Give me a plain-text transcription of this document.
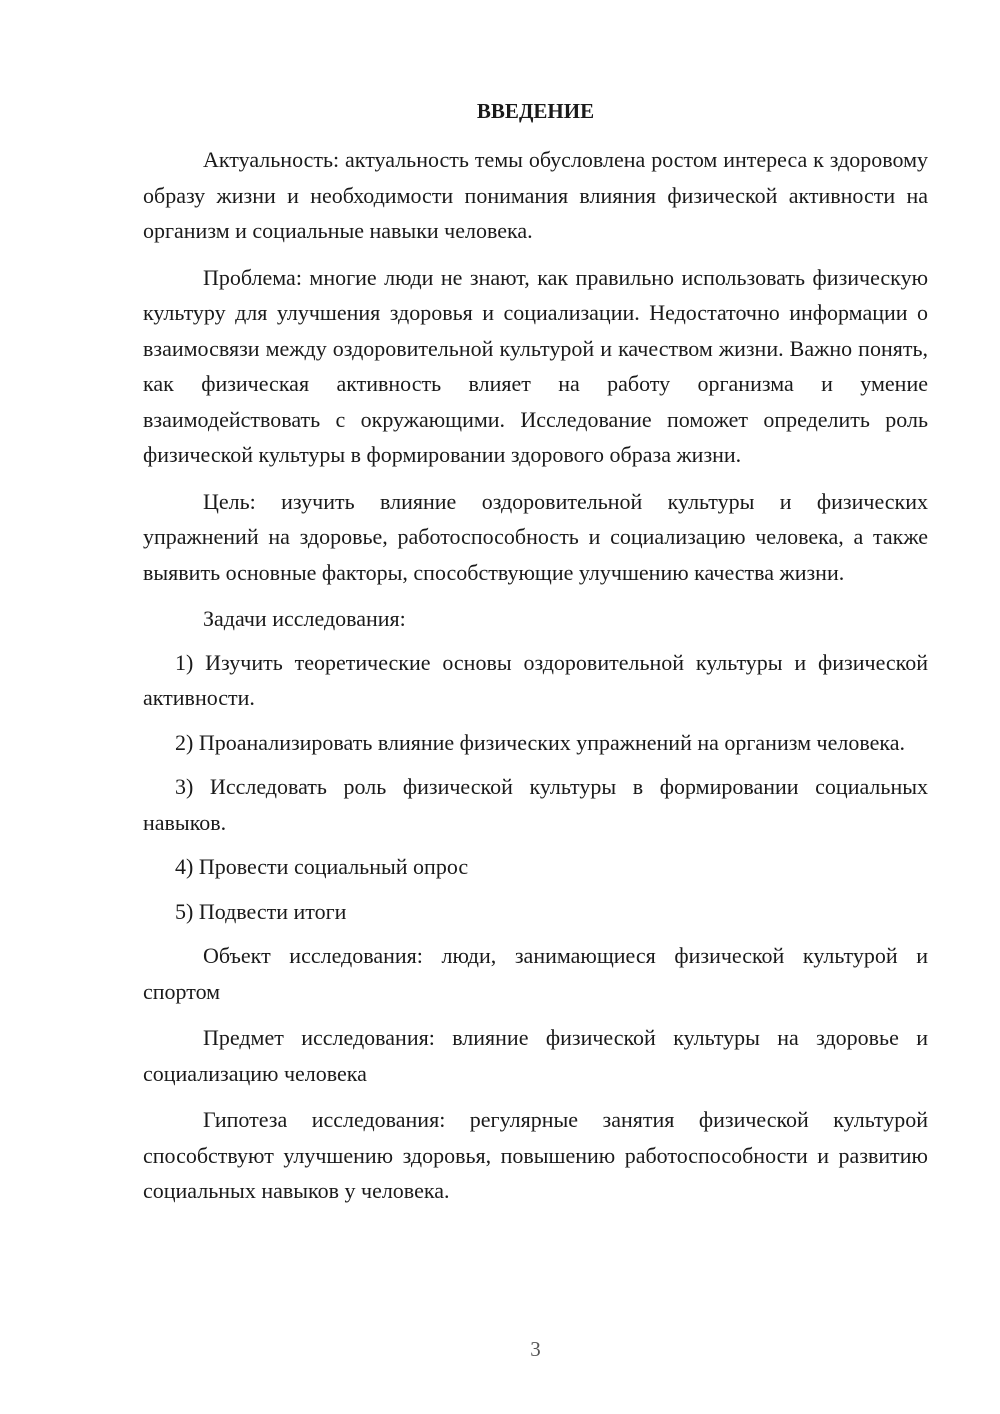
ВВЕДЕНИЕ

Актуальность: актуальность темы обусловлена ростом интереса к здоровому образу жизни и необходимости понимания влияния физической активности на организм и социальные навыки человека.

Проблема: многие люди не знают, как правильно использовать физическую культуру для улучшения здоровья и социализации. Недостаточно информации о взаимосвязи между оздоровительной культурой и качеством жизни. Важно понять, как физическая активность влияет на работу организма и умение взаимодействовать с окружающими. Исследование поможет определить роль физической культуры в формировании здорового образа жизни.

Цель: изучить влияние оздоровительной культуры и физических упражнений на здоровье, работоспособность и социализацию человека, а также выявить основные факторы, способствующие улучшению качества жизни.

Задачи исследования:

1) Изучить теоретические основы оздоровительной культуры и физической активности.

2) Проанализировать влияние физических упражнений на организм человека.

3) Исследовать роль физической культуры в формировании социальных навыков.

4) Провести социальный опрос

5) Подвести итоги

Объект исследования: люди, занимающиеся физической культурой и спортом

Предмет исследования: влияние физической культуры на здоровье и социализацию человека

Гипотеза исследования: регулярные занятия физической культурой способствуют улучшению здоровья, повышению работоспособности и развитию социальных навыков у человека.

3
